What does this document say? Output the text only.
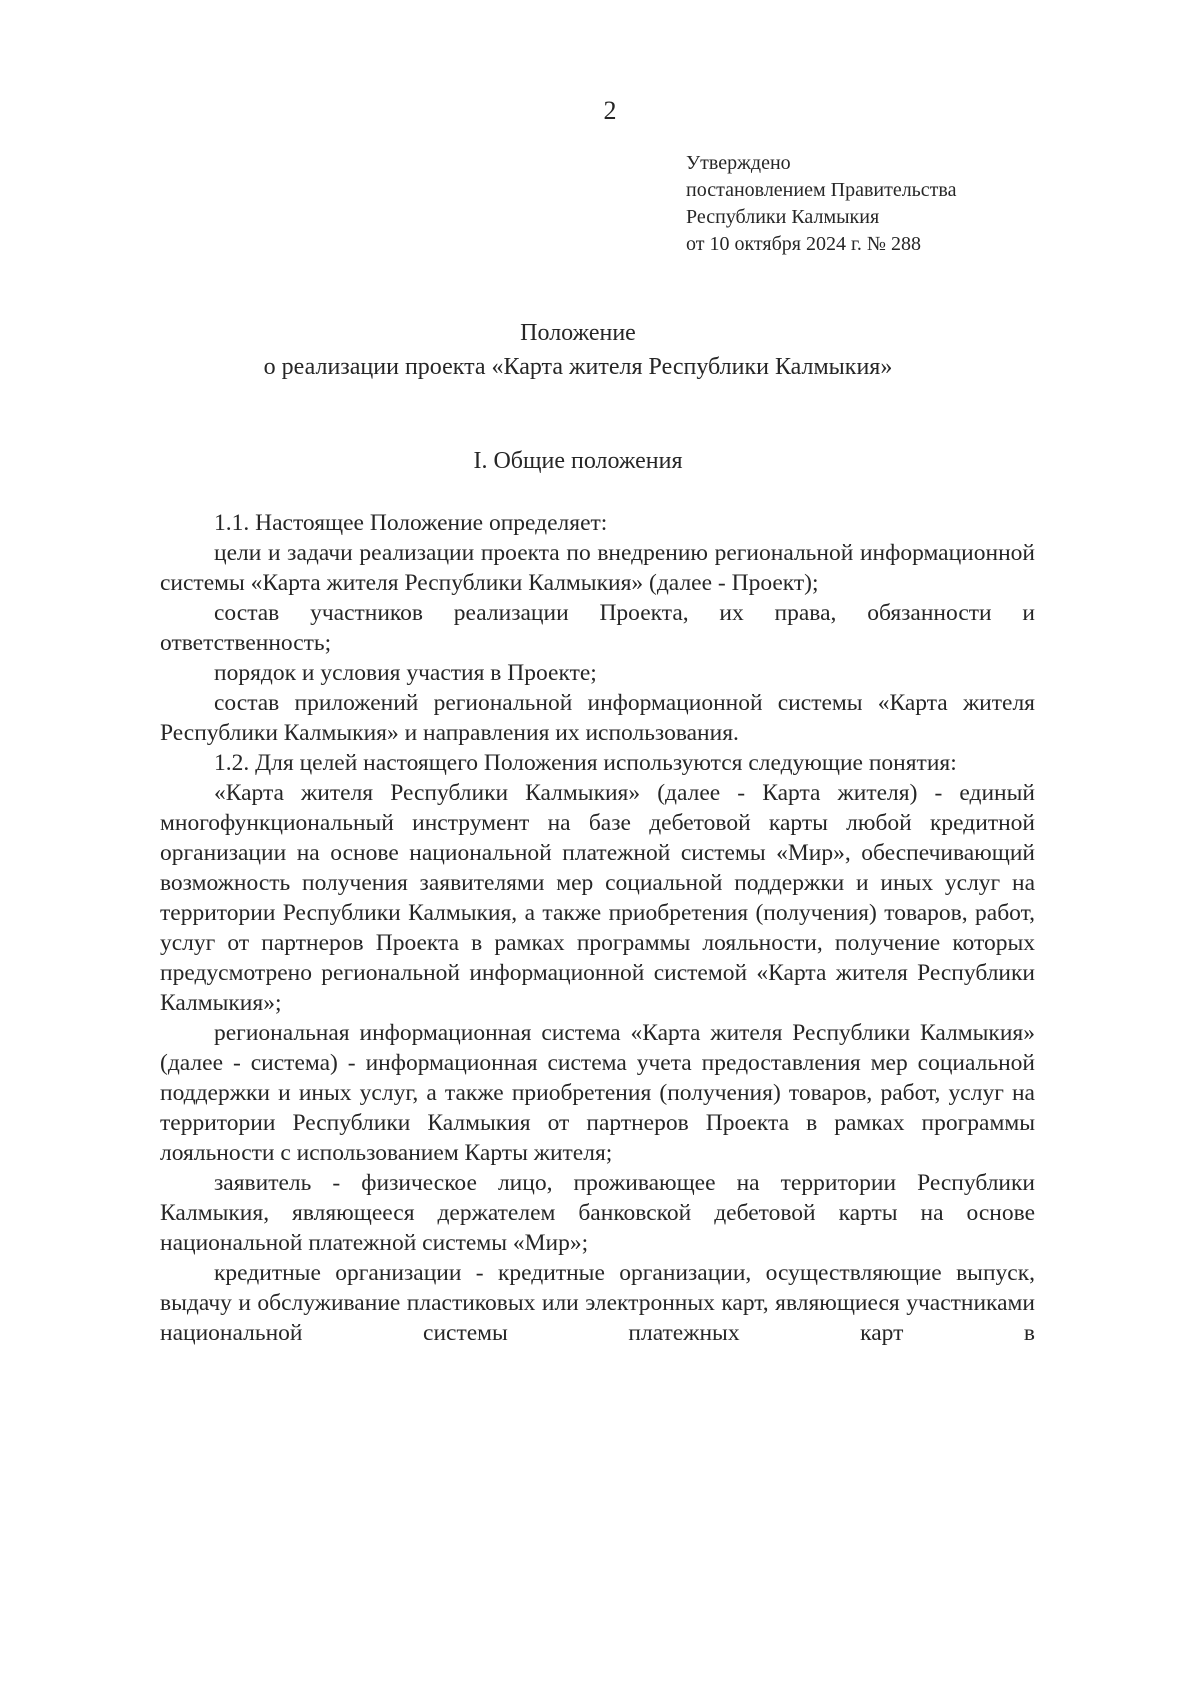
2
Утверждено
постановлением Правительства
Республики Калмыкия
от 10 октября 2024 г. № 288
Положение
о реализации проекта «Карта жителя Республики Калмыкия»
I. Общие положения

1.1. Настоящее Положение определяет:

цели и задачи реализации проекта по внедрению региональной информационной системы «Карта жителя Республики Калмыкия» (далее - Проект);

состав участников реализации Проекта, их права, обязанности и ответственность;

порядок и условия участия в Проекте;

состав приложений региональной информационной системы «Карта жителя Республики Калмыкия» и направления их использования.

1.2. Для целей настоящего Положения используются следующие понятия:

«Карта жителя Республики Калмыкия» (далее - Карта жителя) - единый многофункциональный инструмент на базе дебетовой карты любой кредитной организации на основе национальной платежной системы «Мир», обеспечивающий возможность получения заявителями мер социальной поддержки и иных услуг на территории Республики Калмыкия, а также приобретения (получения) товаров, работ, услуг от партнеров Проекта в рамках программы лояльности, получение которых предусмотрено региональной информационной системой «Карта жителя Республики Калмыкия»;

региональная информационная система «Карта жителя Республики Калмыкия» (далее - система) - информационная система учета предоставления мер социальной поддержки и иных услуг, а также приобретения (получения) товаров, работ, услуг на территории Республики Калмыкия от партнеров Проекта в рамках программы лояльности с использованием Карты жителя;

заявитель - физическое лицо, проживающее на территории Республики Калмыкия, являющееся держателем банковской дебетовой карты на основе национальной платежной системы «Мир»;

кредитные организации - кредитные организации, осуществляющие выпуск, выдачу и обслуживание пластиковых или электронных карт, являющиеся участниками национальной системы платежных карт в
